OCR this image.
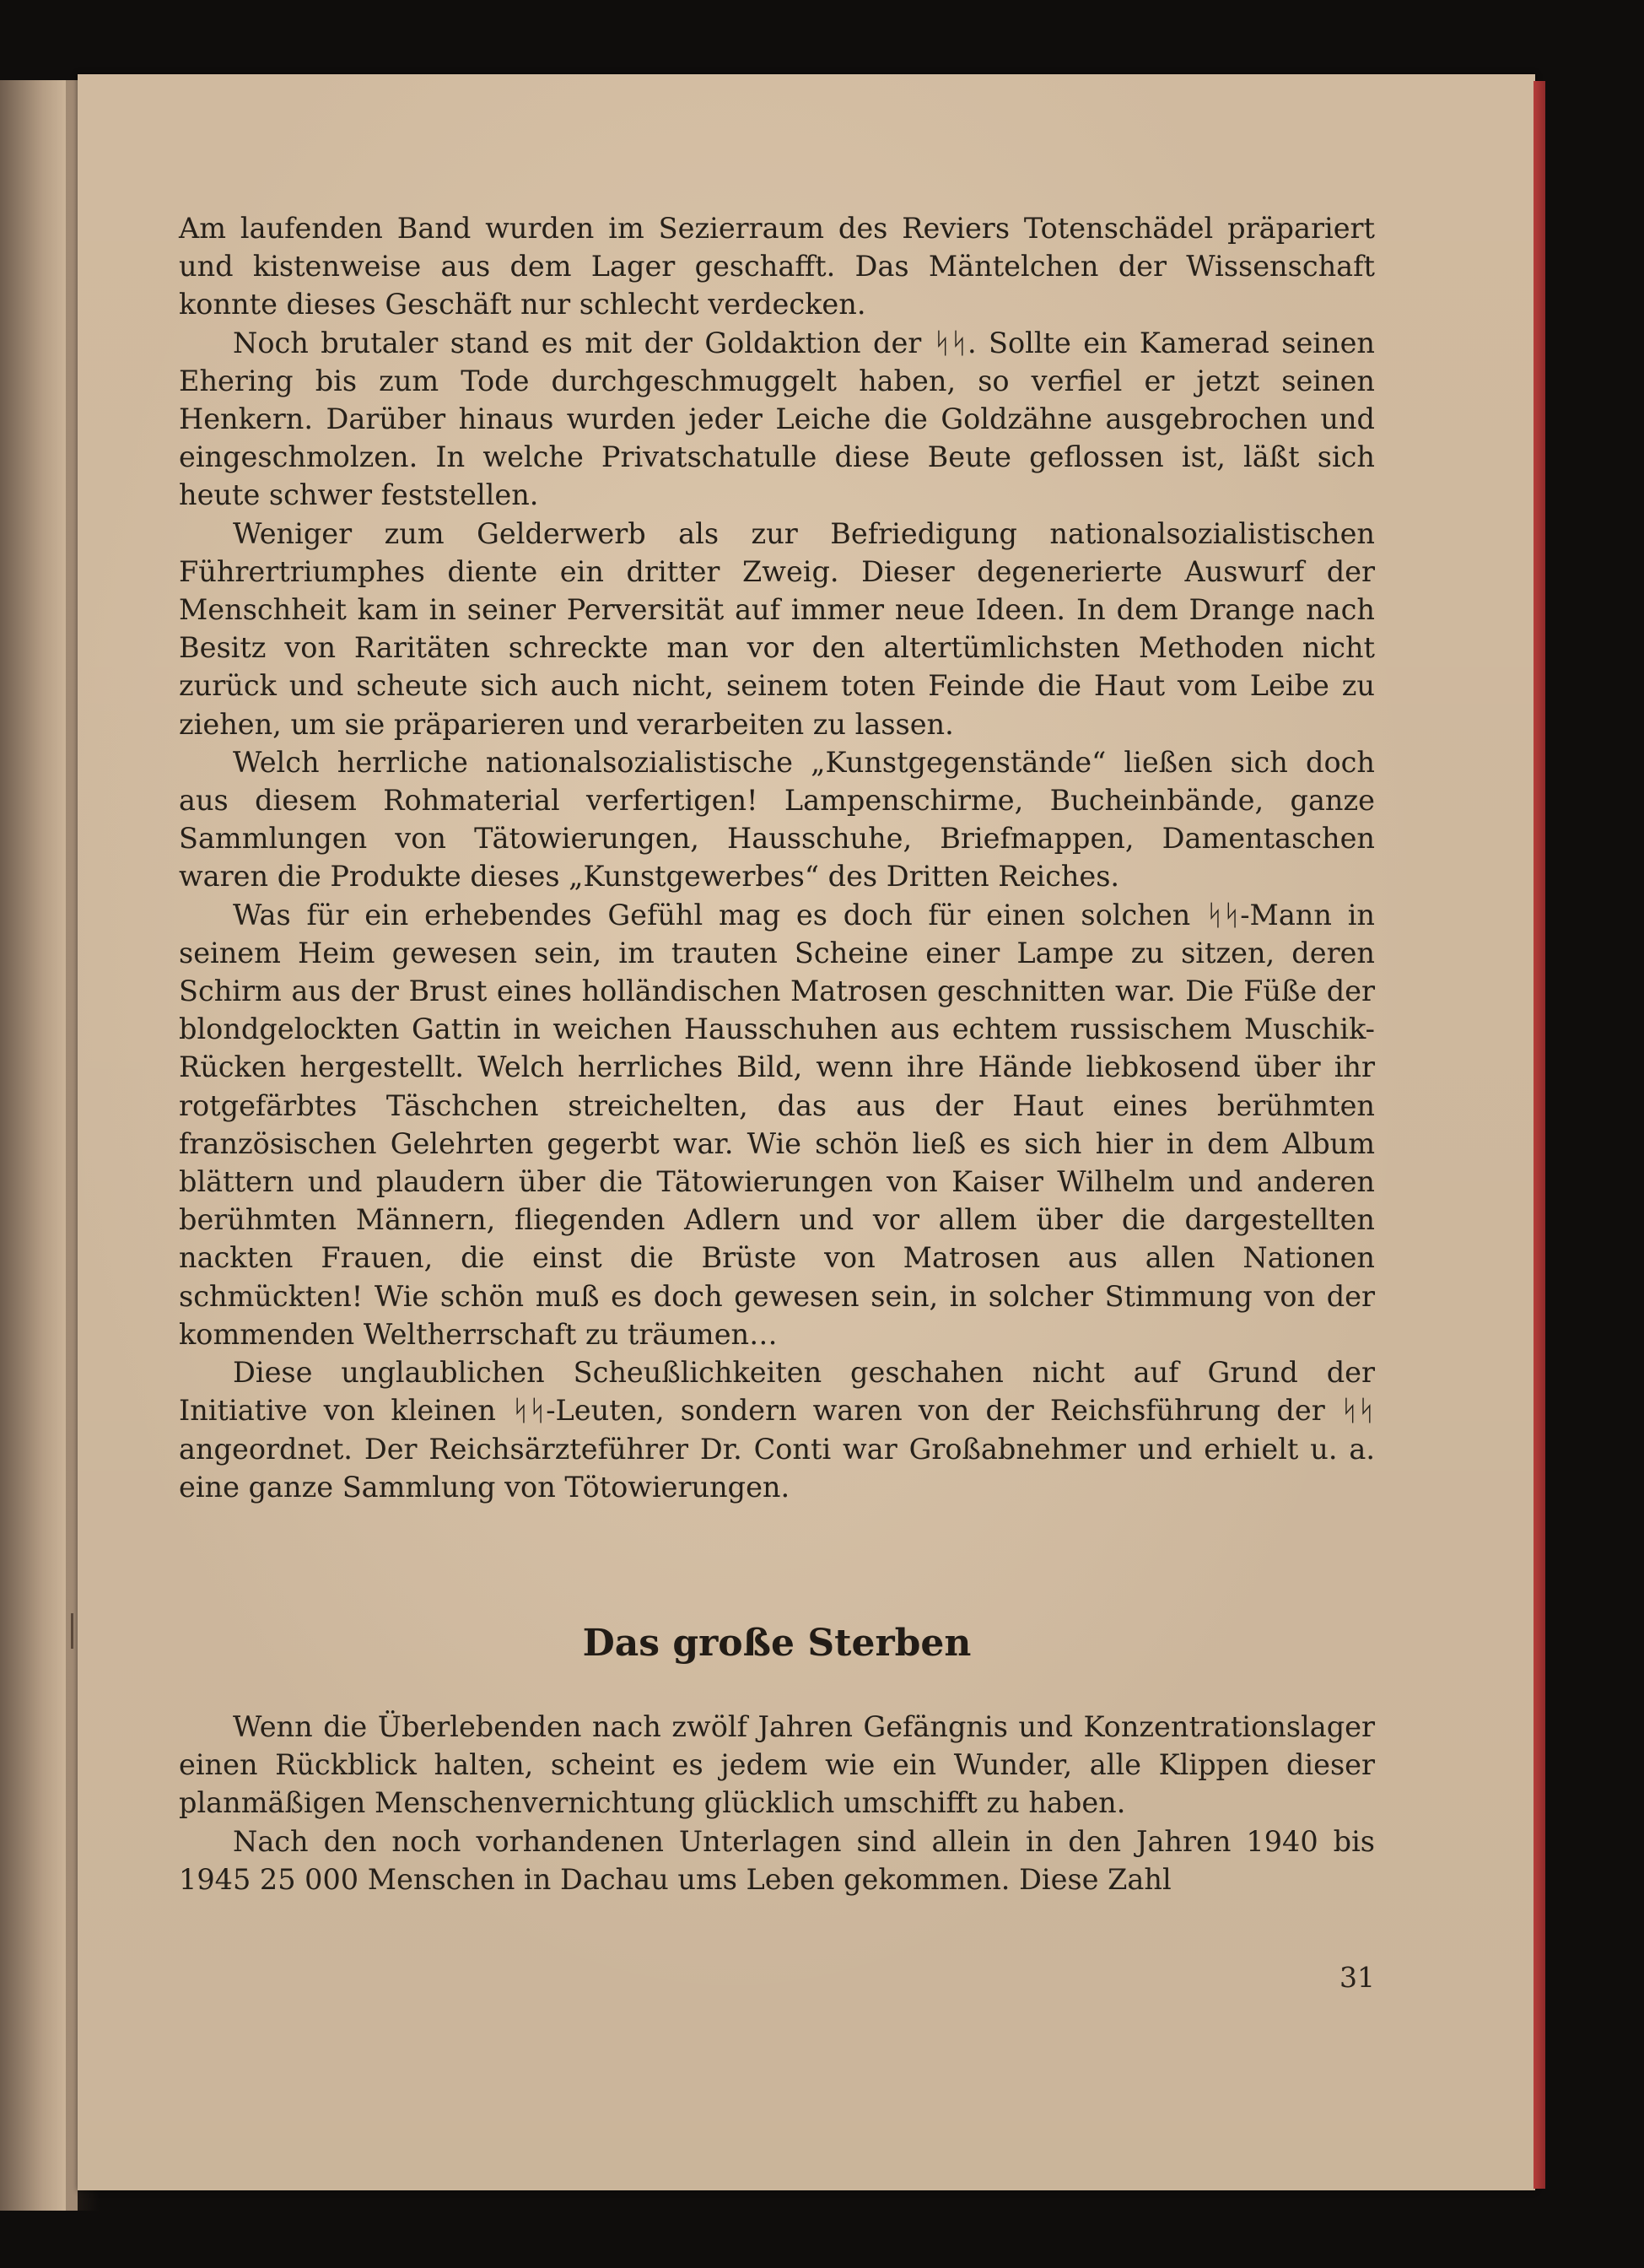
Am laufenden Band wurden im Sezierraum des Reviers Totenschädel präpariert und kistenweise aus dem Lager geschafft. Das Mäntelchen der Wissenschaft konnte dieses Geschäft nur schlecht verdecken.

Noch brutaler stand es mit der Goldaktion der ᛋᛋ. Sollte ein Kamerad seinen Ehering bis zum Tode durchgeschmuggelt haben, so verfiel er jetzt seinen Henkern. Darüber hinaus wurden jeder Leiche die Goldzähne ausgebrochen und eingeschmolzen. In welche Privatschatulle diese Beute geflossen ist, läßt sich heute schwer feststellen.

Weniger zum Gelderwerb als zur Befriedigung nationalsozialistischen Führertriumphes diente ein dritter Zweig. Dieser degenerierte Auswurf der Menschheit kam in seiner Perversität auf immer neue Ideen. In dem Drange nach Besitz von Raritäten schreckte man vor den altertümlichsten Methoden nicht zurück und scheute sich auch nicht, seinem toten Feinde die Haut vom Leibe zu ziehen, um sie präparieren und verarbeiten zu lassen.

Welch herrliche nationalsozialistische „Kunstgegenstände“ ließen sich doch aus diesem Rohmaterial verfertigen! Lampenschirme, Bucheinbände, ganze Sammlungen von Tätowierungen, Hausschuhe, Briefmappen, Damentaschen waren die Produkte dieses „Kunstgewerbes“ des Dritten Reiches.

Was für ein erhebendes Gefühl mag es doch für einen solchen ᛋᛋ-Mann in seinem Heim gewesen sein, im trauten Scheine einer Lampe zu sitzen, deren Schirm aus der Brust eines holländischen Matrosen geschnitten war. Die Füße der blondgelockten Gattin in weichen Hausschuhen aus echtem russischem Muschik-Rücken hergestellt. Welch herrliches Bild, wenn ihre Hände liebkosend über ihr rotgefärbtes Täschchen streichelten, das aus der Haut eines berühmten französischen Gelehrten gegerbt war. Wie schön ließ es sich hier in dem Album blättern und plaudern über die Tätowierungen von Kaiser Wilhelm und anderen berühmten Männern, fliegenden Adlern und vor allem über die dargestellten nackten Frauen, die einst die Brüste von Matrosen aus allen Nationen schmückten! Wie schön muß es doch gewesen sein, in solcher Stimmung von der kommenden Weltherrschaft zu träumen…

Diese unglaublichen Scheußlichkeiten geschahen nicht auf Grund der Initiative von kleinen ᛋᛋ-Leuten, sondern waren von der Reichsführung der ᛋᛋ angeordnet. Der Reichsärzteführer Dr. Conti war Großabnehmer und erhielt u. a. eine ganze Sammlung von Tötowierungen.

Das große Sterben

Wenn die Überlebenden nach zwölf Jahren Gefängnis und Konzentrationslager einen Rückblick halten, scheint es jedem wie ein Wunder, alle Klippen dieser planmäßigen Menschenvernichtung glücklich umschifft zu haben.

Nach den noch vorhandenen Unterlagen sind allein in den Jahren 1940 bis 1945 25 000 Menschen in Dachau ums Leben gekommen. Diese Zahl

31
